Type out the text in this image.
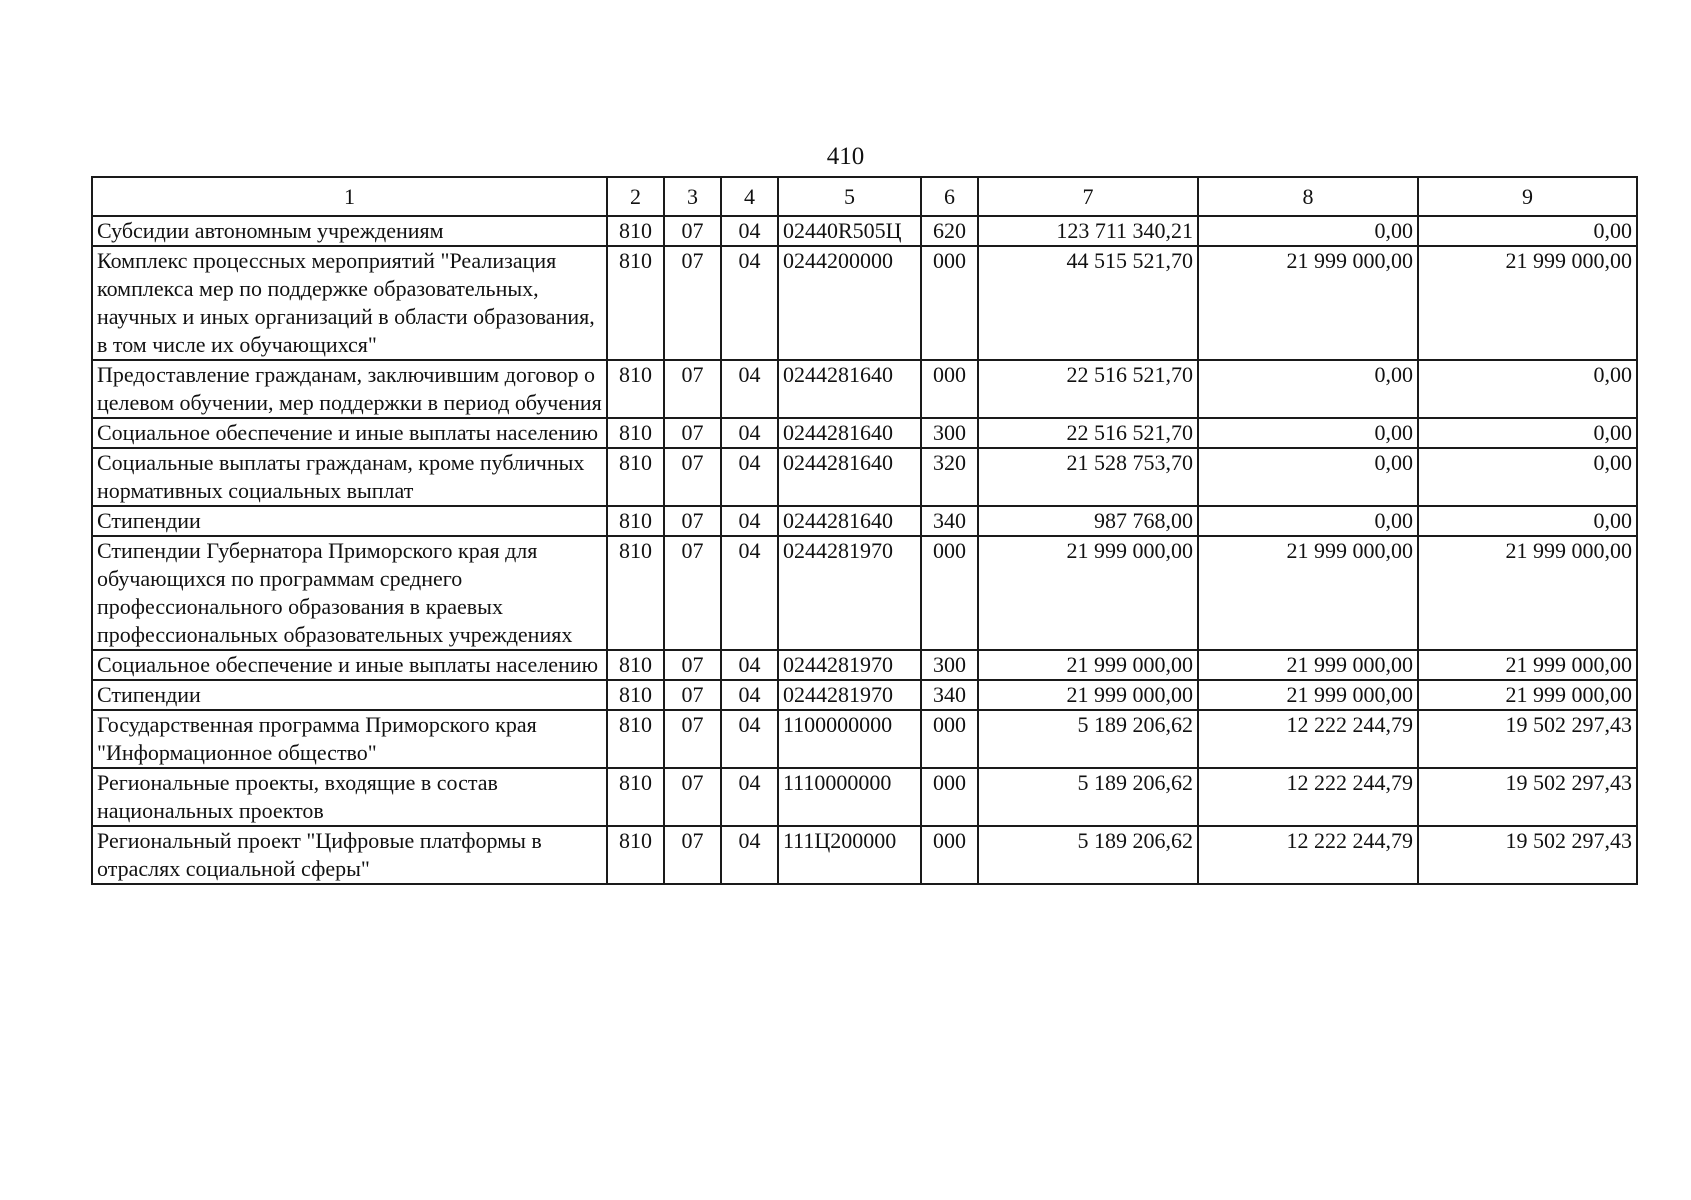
410
1	2	3	4	5	6	7	8	9
Субсидии автономным учреждениям	810	07	04	02440R505Ц	620	123 711 340,21	0,00	0,00
Комплекс процессных мероприятий "Реализация комплекса мер по поддержке образовательных, научных и иных организаций в области образования, в том числе их обучающихся"	810	07	04	0244200000	000	44 515 521,70	21 999 000,00	21 999 000,00
Предоставление гражданам, заключившим договор о целевом обучении, мер поддержки в период обучения	810	07	04	0244281640	000	22 516 521,70	0,00	0,00
Социальное обеспечение и иные выплаты населению	810	07	04	0244281640	300	22 516 521,70	0,00	0,00
Социальные выплаты гражданам, кроме публичных нормативных социальных выплат	810	07	04	0244281640	320	21 528 753,70	0,00	0,00
Стипендии	810	07	04	0244281640	340	987 768,00	0,00	0,00
Стипендии Губернатора Приморского края для обучающихся по программам среднего профессионального образования в краевых профессиональных образовательных учреждениях	810	07	04	0244281970	000	21 999 000,00	21 999 000,00	21 999 000,00
Социальное обеспечение и иные выплаты населению	810	07	04	0244281970	300	21 999 000,00	21 999 000,00	21 999 000,00
Стипендии	810	07	04	0244281970	340	21 999 000,00	21 999 000,00	21 999 000,00
Государственная программа Приморского края "Информационное общество"	810	07	04	1100000000	000	5 189 206,62	12 222 244,79	19 502 297,43
Региональные проекты, входящие в состав национальных проектов	810	07	04	1110000000	000	5 189 206,62	12 222 244,79	19 502 297,43
Региональный проект "Цифровые платформы в отраслях социальной сферы"	810	07	04	111Ц200000	000	5 189 206,62	12 222 244,79	19 502 297,43
